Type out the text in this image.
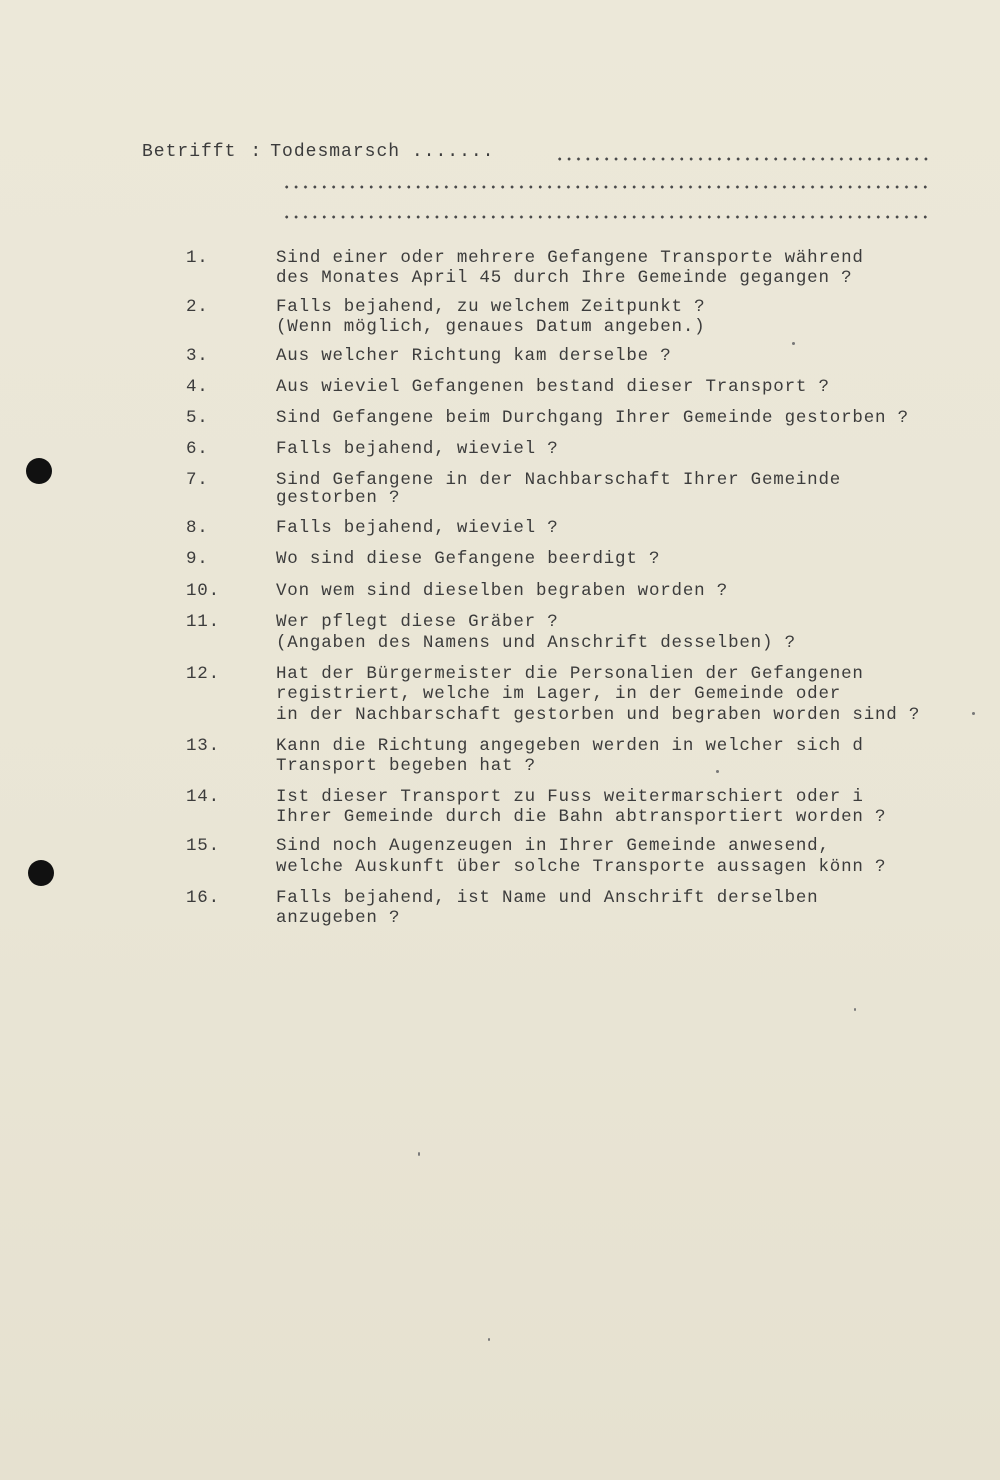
Betrifft : Todesmarsch .......
1.	Sind einer oder mehrere Gefangene Transporte während
des Monates April 45 durch Ihre Gemeinde gegangen ?
2.	Falls bejahend, zu welchem Zeitpunkt ?
(Wenn möglich, genaues Datum angeben.)
3.	Aus welcher Richtung kam derselbe ?
4.	Aus wieviel Gefangenen bestand dieser Transport ?
5.	Sind Gefangene beim Durchgang Ihrer Gemeinde gestorben ?
6.	Falls bejahend, wieviel ?
7.	Sind Gefangene in der Nachbarschaft Ihrer Gemeinde
gestorben ?
8.	Falls bejahend, wieviel ?
9.	Wo sind diese Gefangene beerdigt ?
10.	Von wem sind dieselben begraben worden ?
11.	Wer pflegt diese Gräber ?
(Angaben des Namens und Anschrift desselben) ?
12.	Hat der Bürgermeister die Personalien der Gefangenen
registriert, welche im Lager, in der Gemeinde oder
in der Nachbarschaft gestorben und begraben worden sind ?
13.	Kann die Richtung angegeben werden in welcher sich d
Transport begeben hat ?
14.	Ist dieser Transport zu Fuss weitermarschiert oder i
Ihrer Gemeinde durch die Bahn abtransportiert worden ?
15.	Sind noch Augenzeugen in Ihrer Gemeinde anwesend,
welche Auskunft über solche Transporte aussagen könn ?
16.	Falls bejahend, ist Name und Anschrift derselben
anzugeben ?
